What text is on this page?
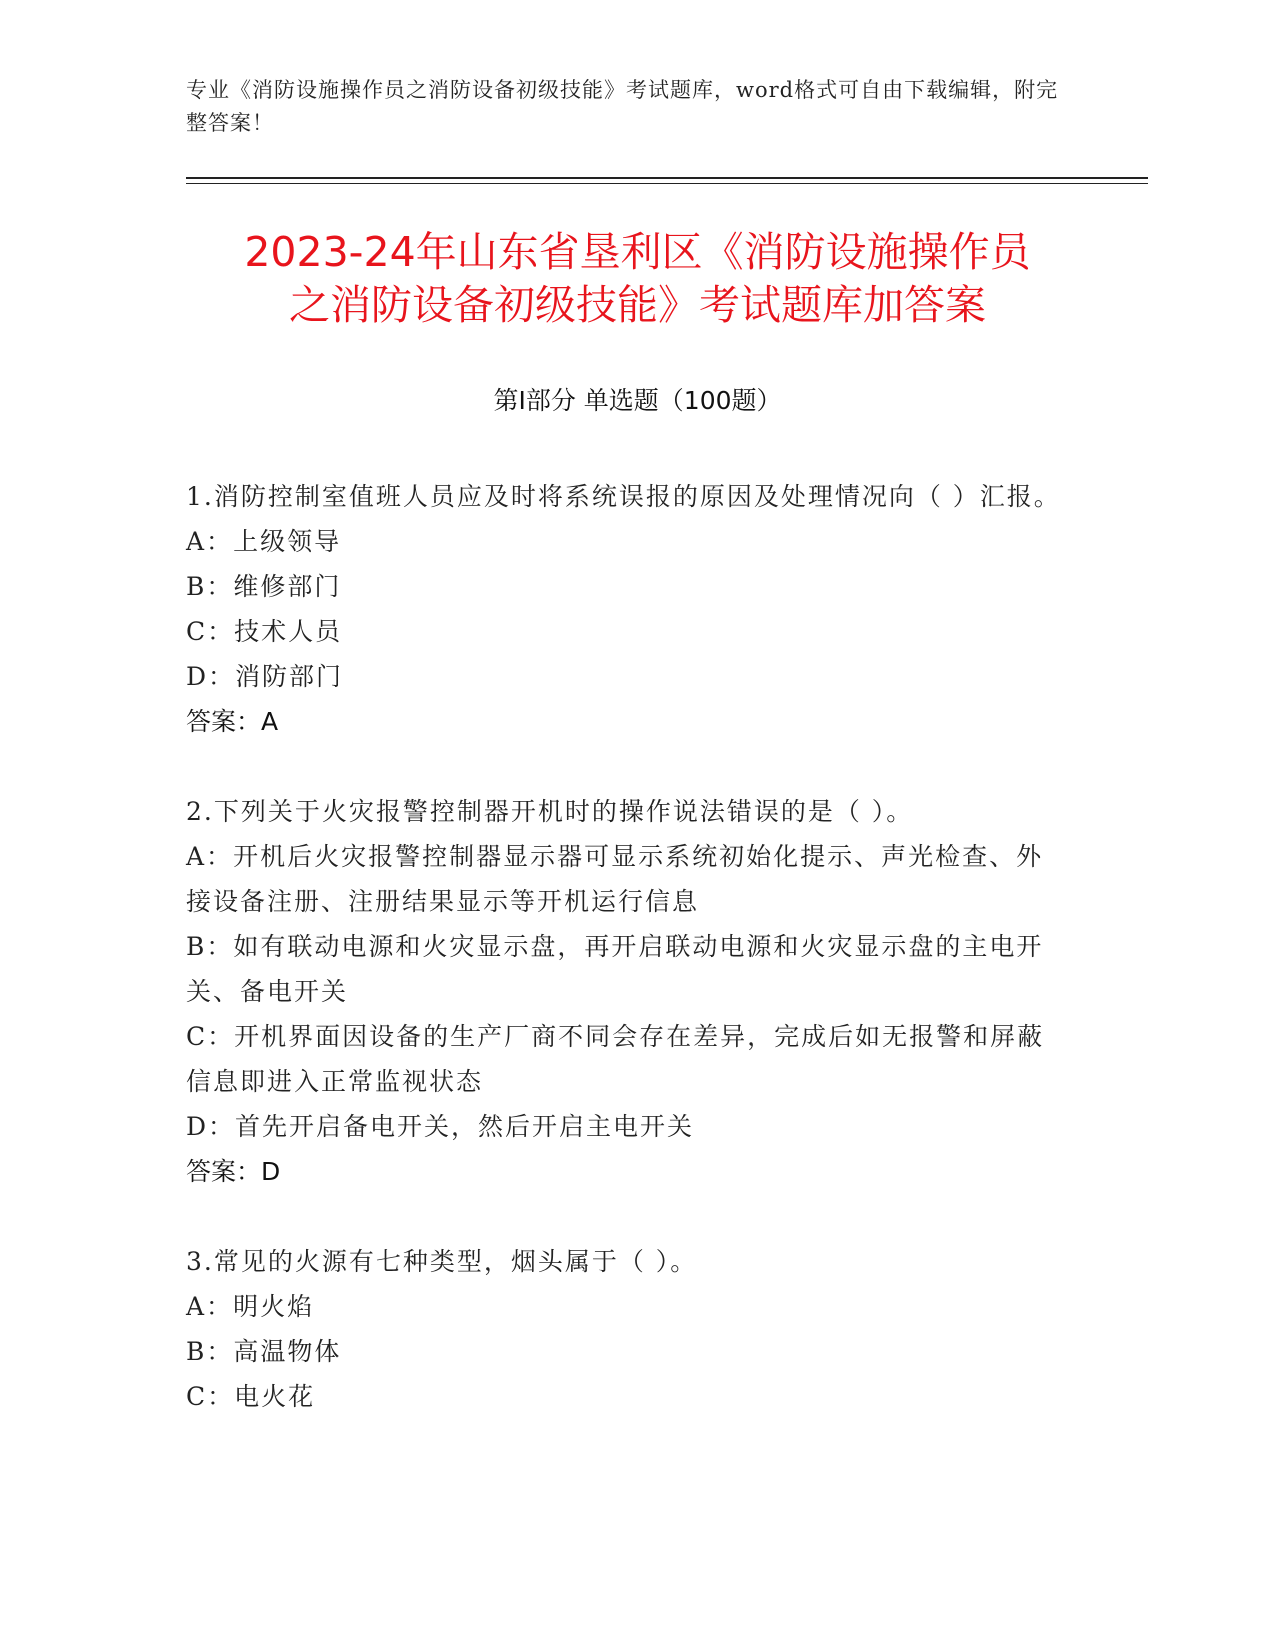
专业《消防设施操作员之消防设备初级技能》考试题库，word格式可自由下载编辑，附完整答案！
2023-24年山东省垦利区《消防设施操作员
之消防设备初级技能》考试题库加答案
第Ⅰ部分 单选题（100题）
1.消防控制室值班人员应及时将系统误报的原因及处理情况向（ ）汇报。
A：上级领导
B：维修部门
C：技术人员
D：消防部门
答案：A
2.下列关于火灾报警控制器开机时的操作说法错误的是（ ）。
A：开机后火灾报警控制器显示器可显示系统初始化提示、声光检查、外接设备注册、注册结果显示等开机运行信息
B：如有联动电源和火灾显示盘，再开启联动电源和火灾显示盘的主电开关、备电开关
C：开机界面因设备的生产厂商不同会存在差异，完成后如无报警和屏蔽信息即进入正常监视状态
D：首先开启备电开关，然后开启主电开关
答案：D
3.常见的火源有七种类型，烟头属于（ ）。
A：明火焰
B：高温物体
C：电火花
